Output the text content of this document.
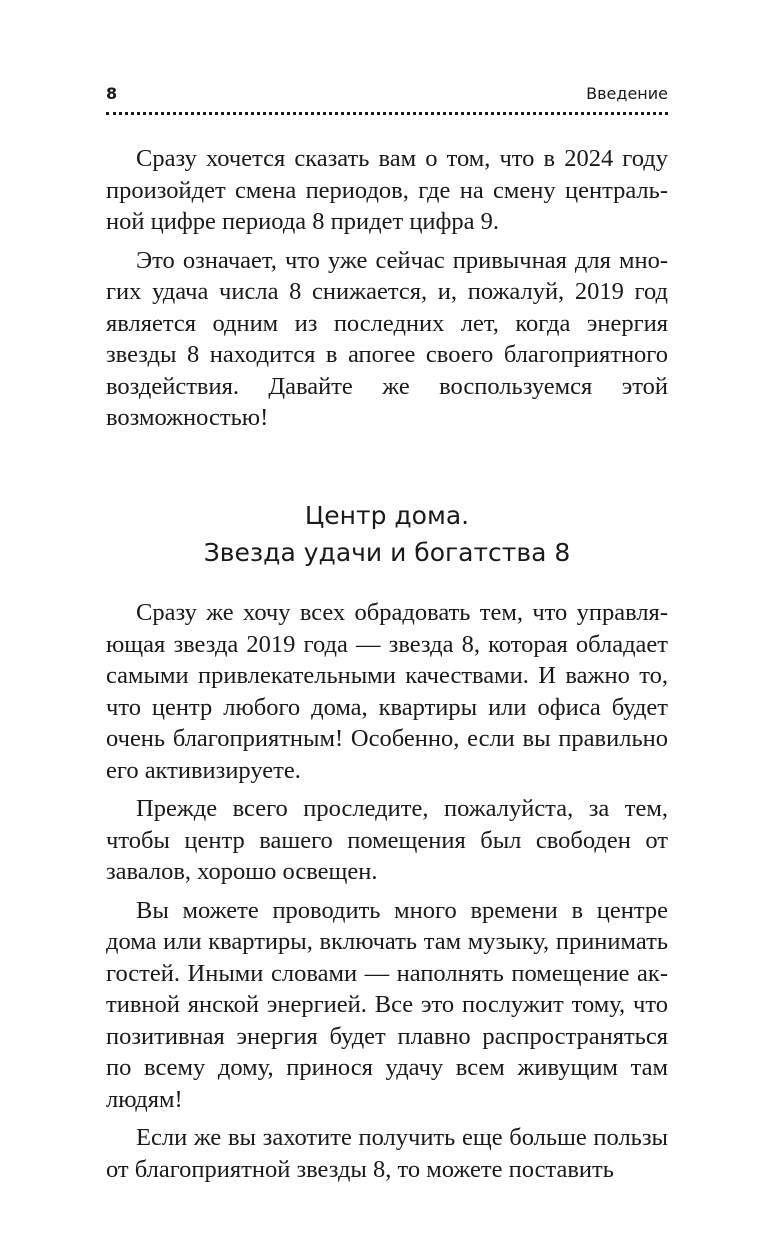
8	Введение

Сразу хочется сказать вам о том, что в 2024 году произойдет смена периодов, где на смену центральной цифре периода 8 придет цифра 9.

Это означает, что уже сейчас привычная для многих удача числа 8 снижается, и, пожалуй, 2019 год является одним из последних лет, когда энергия звезды 8 находится в апогее своего благоприятного воздействия. Давайте же воспользуемся этой возможностью!

Центр дома.
Звезда удачи и богатства 8

Сразу же хочу всех обрадовать тем, что управляющая звезда 2019 года — звезда 8, которая обладает самыми привлекательными качествами. И важно то, что центр любого дома, квартиры или офиса будет очень благоприятным! Особенно, если вы правильно его активизируете.

Прежде всего проследите, пожалуйста, за тем, чтобы центр вашего помещения был свободен от завалов, хорошо освещен.

Вы можете проводить много времени в центре дома или квартиры, включать там музыку, принимать гостей. Иными словами — наполнять помещение активной янской энергией. Все это послужит тому, что позитивная энергия будет плавно распространяться по всему дому, принося удачу всем живущим там людям!

Если же вы захотите получить еще больше пользы от благоприятной звезды 8, то можете поставить
